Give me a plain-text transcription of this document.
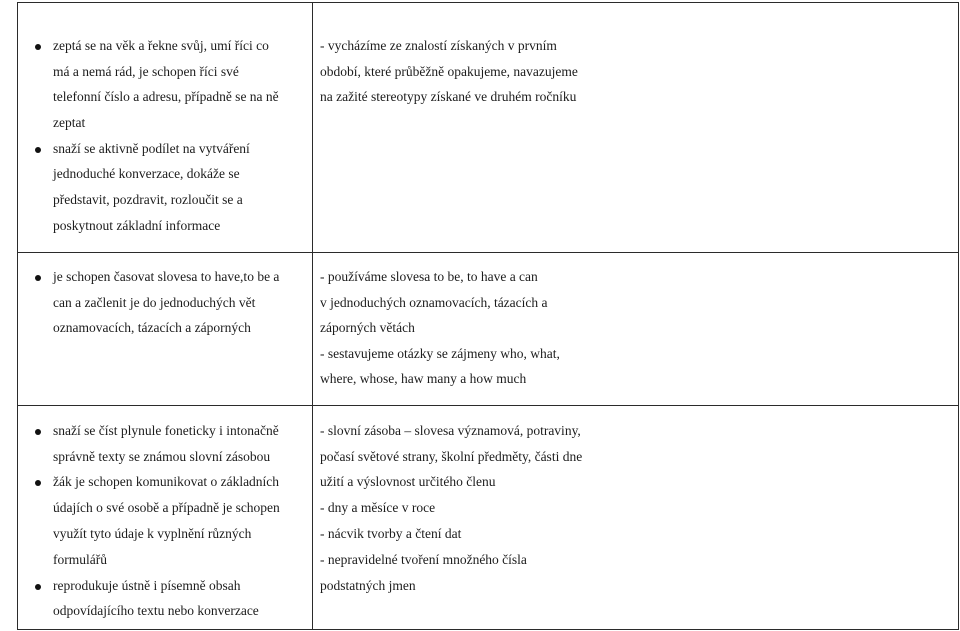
zeptá se na věk a řekne svůj, umí říci co
má a nemá rád, je schopen říci své
telefonní číslo a adresu, případně se na ně
zeptat
snaží se aktivně podílet na vytváření
jednoduché konverzace, dokáže se
představit, pozdravit, rozloučit se a
poskytnout základní informace
- vycházíme ze znalostí získaných v prvním
období, které průběžně opakujeme, navazujeme
na zažité stereotypy získané ve druhém ročníku
je schopen časovat slovesa to have,to be a
can a začlenit je do jednoduchých vět
oznamovacích, tázacích a záporných
- používáme slovesa to be, to have a can
v jednoduchých oznamovacích, tázacích a
záporných větách
- sestavujeme otázky se zájmeny who, what,
where, whose, haw many a how much
snaží se číst plynule foneticky i intonačně
správně texty se známou slovní zásobou
žák je schopen komunikovat o základních
údajích o své osobě a případně je schopen
využít tyto údaje k vyplnění různých
formulářů
reprodukuje ústně i písemně obsah
odpovídajícího textu nebo konverzace
- slovní zásoba – slovesa významová, potraviny,
počasí světové strany, školní předměty, části dne
užití a výslovnost určitého členu
- dny a měsíce v roce
- nácvik tvorby a čtení dat
- nepravidelné tvoření množného čísla
podstatných jmen
